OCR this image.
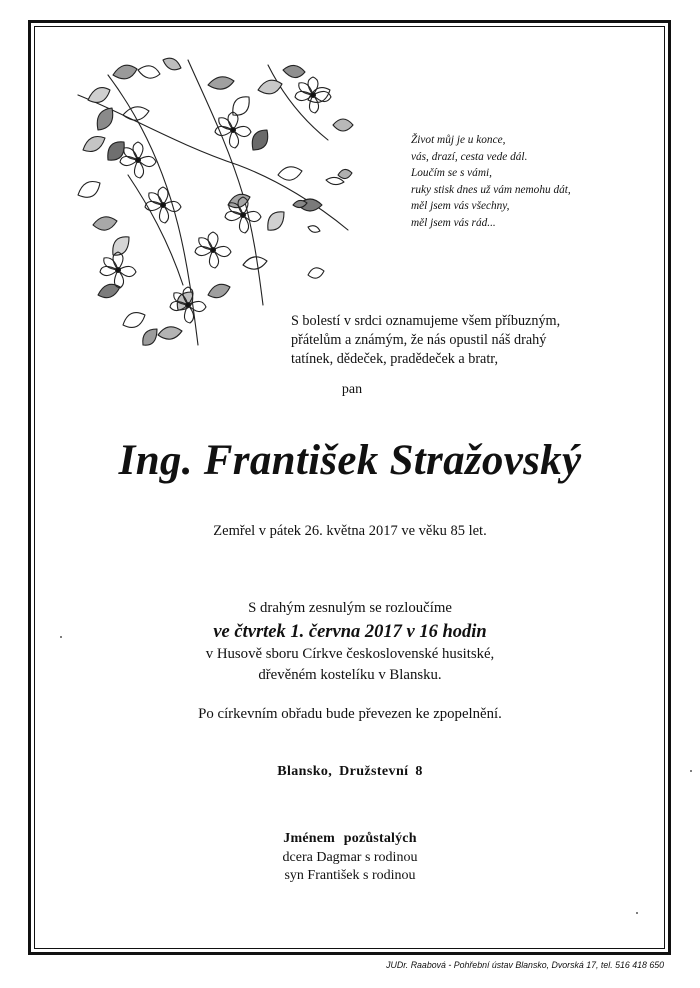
Život můj je u konce,
vás, drazí, cesta vede dál.
Loučím se s vámi,
ruky stisk dnes už vám nemohu dát,
měl jsem vás všechny,
měl jsem vás rád...
S bolestí v srdci oznamujeme všem příbuzným,
přátelům a známým, že nás opustil náš drahý
tatínek, dědeček, pradědeček a bratr,
pan
Ing. František Stražovský
Zemřel v pátek 26. května 2017 ve věku 85 let.
S drahým zesnulým se rozloučíme
ve čtvrtek 1. června 2017 v 16 hodin
v Husově sboru Církve československé husitské,
dřevěném kostelíku v Blansku.
Po církevním obřadu bude převezen ke zpopelnění.
Blansko, Družstevní 8
Jménem pozůstalých
dcera Dagmar s rodinou
syn František s rodinou
JUDr. Raabová - Pohřební ústav Blansko, Dvorská 17, tel. 516 418 650
